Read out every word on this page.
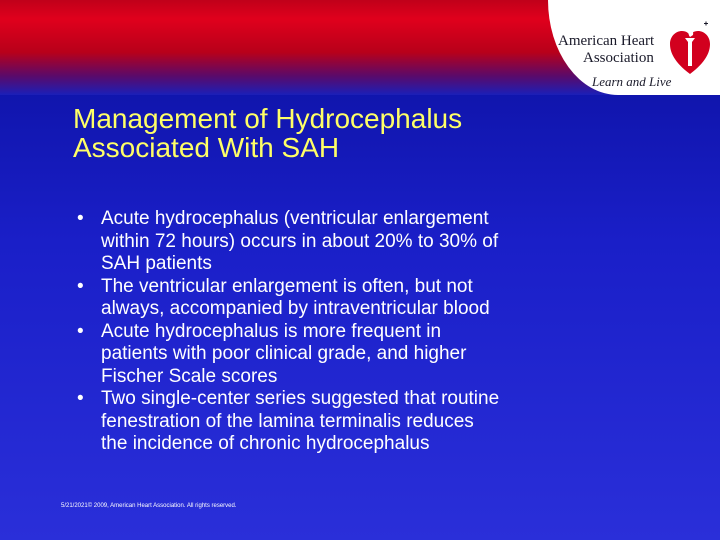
American Heart
Association
Learn and Live
Management of Hydrocephalus
Associated With SAH
• Acute hydrocephalus (ventricular enlargement
within 72 hours) occurs in about 20% to 30% of
SAH patients
• The ventricular enlargement is often, but not
always, accompanied by intraventricular blood
• Acute hydrocephalus is more frequent in
patients with poor clinical grade, and higher
Fischer Scale scores
• Two single-center series suggested that routine
fenestration of the lamina terminalis reduces
the incidence of chronic hydrocephalus
5/21/2021© 2009, American Heart Association. All rights reserved.
